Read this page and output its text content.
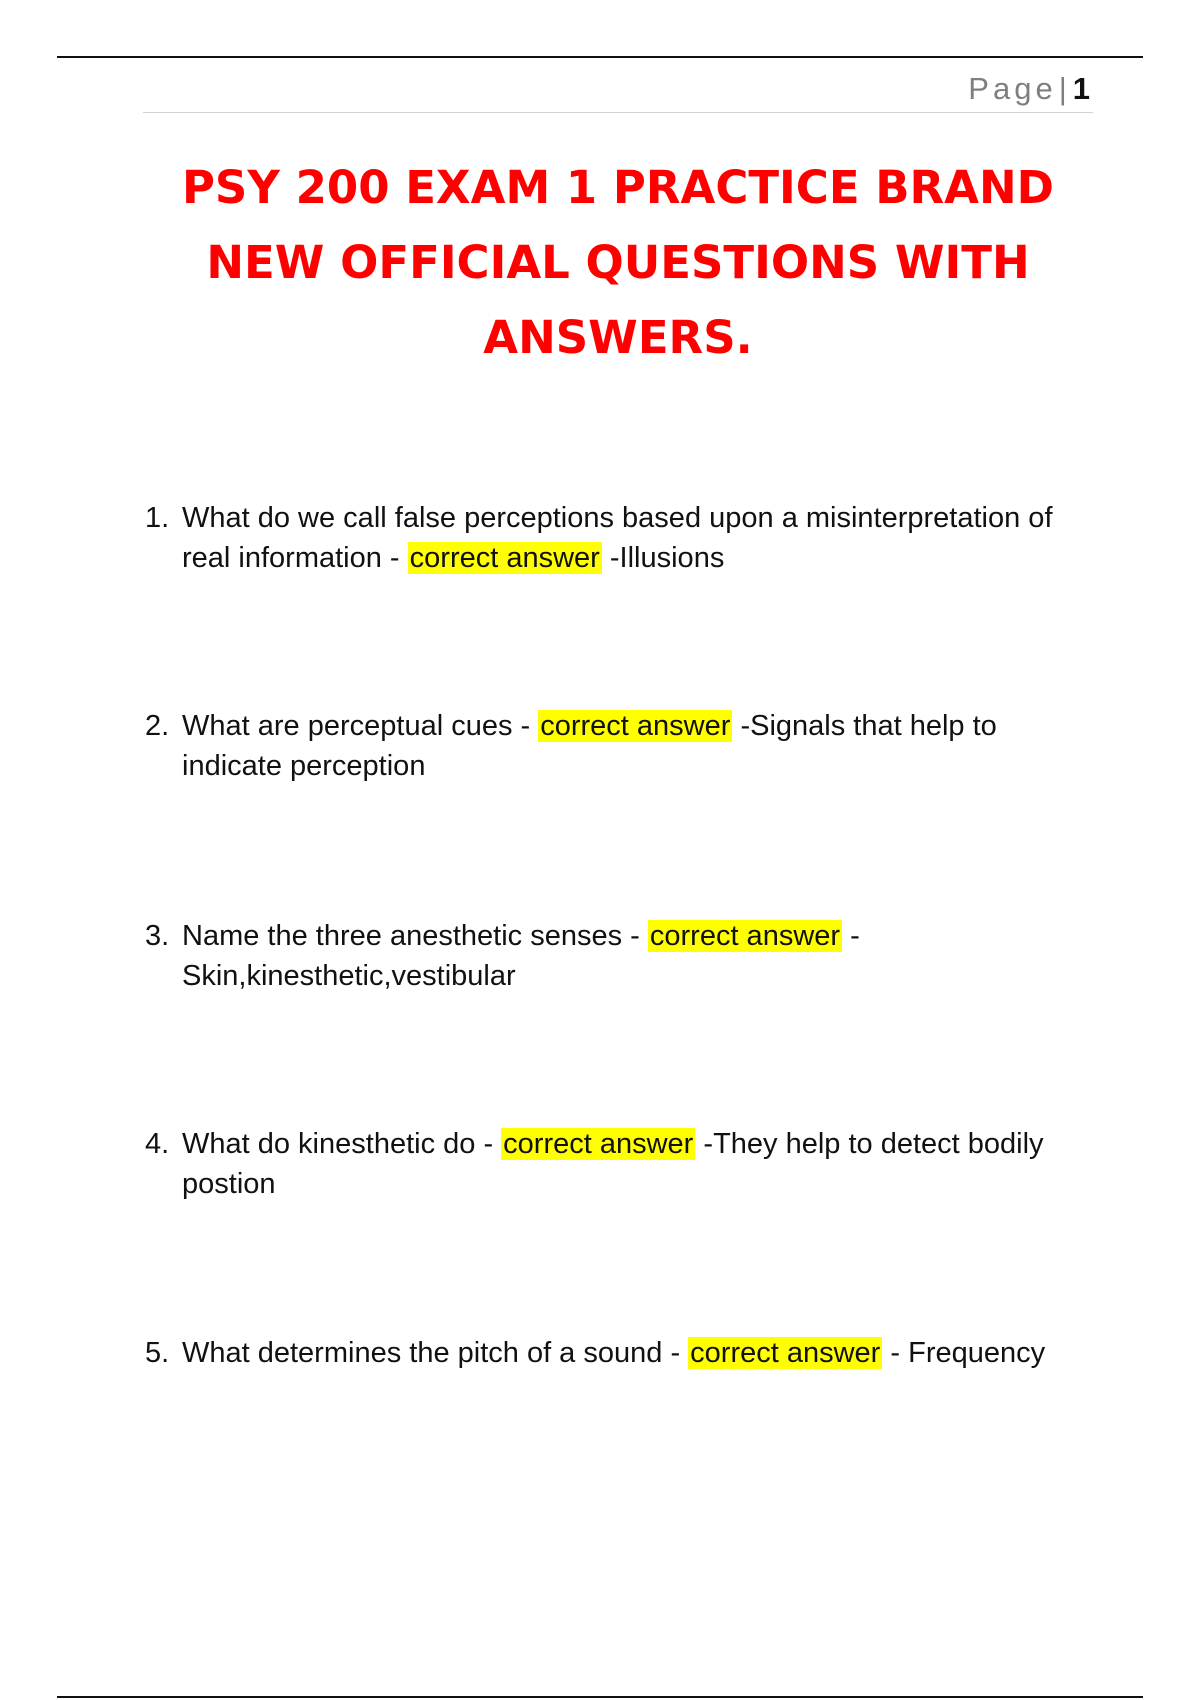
Page| 1
PSY 200 EXAM 1 PRACTICE BRAND NEW OFFICIAL QUESTIONS WITH ANSWERS.
1. What do we call false perceptions based upon a misinterpretation of real information - correct answer -Illusions
2. What are perceptual cues - correct answer -Signals that help to indicate perception
3. Name the three anesthetic senses - correct answer - Skin,kinesthetic,vestibular
4. What do kinesthetic do - correct answer -They help to detect bodily postion
5. What determines the pitch of a sound - correct answer - Frequency
